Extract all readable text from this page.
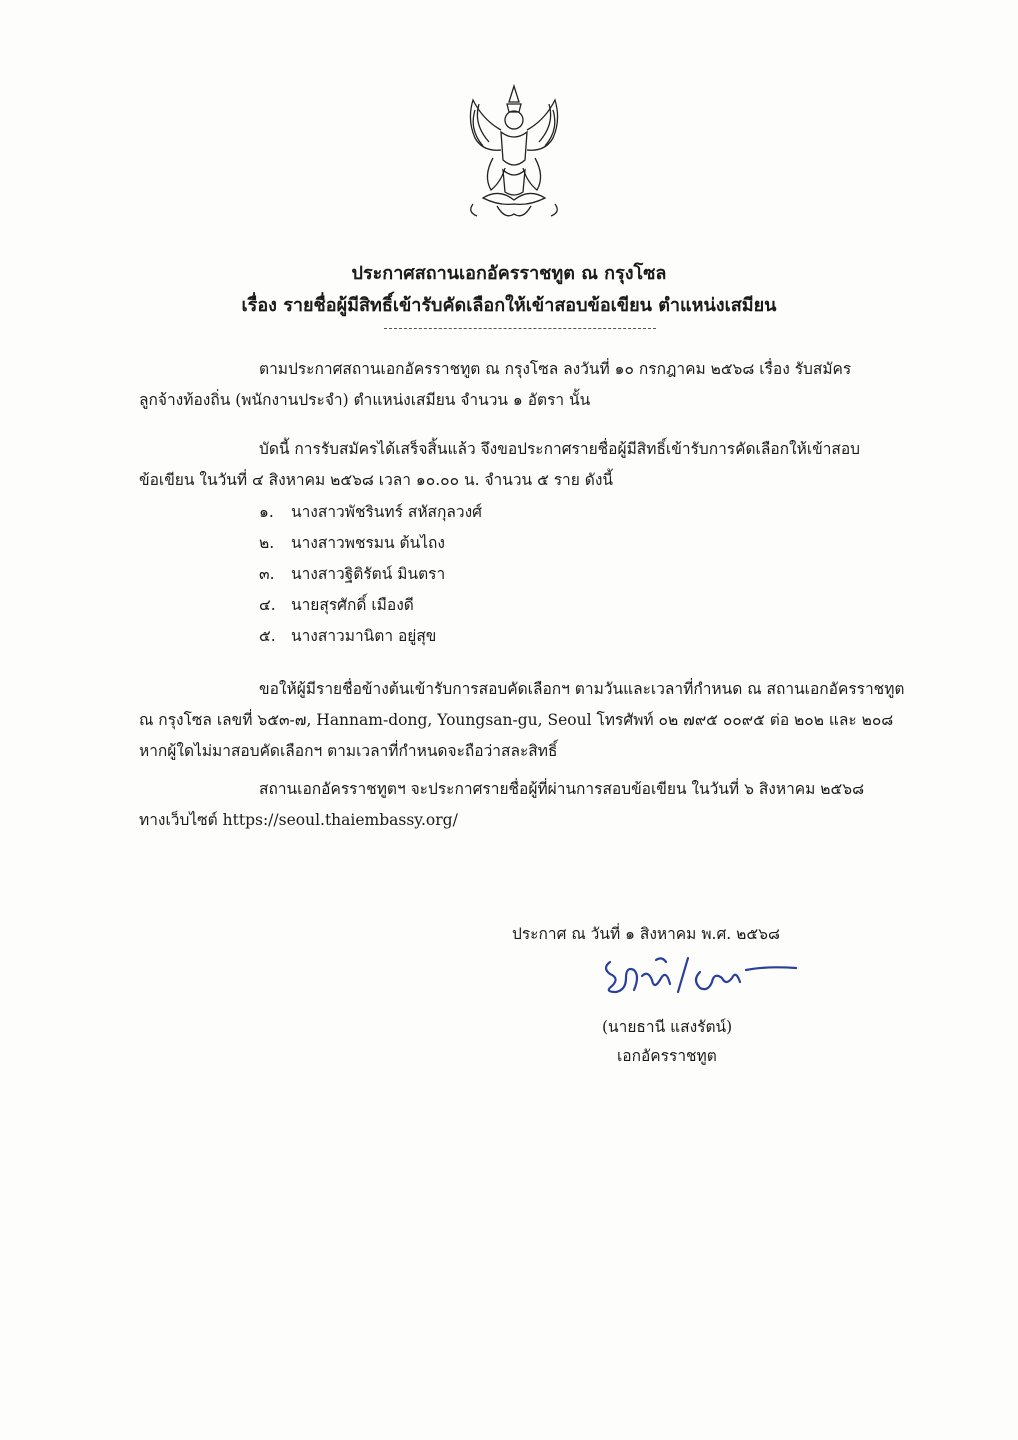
ประกาศสถานเอกอัครราชทูต ณ กรุงโซล
เรื่อง รายชื่อผู้มีสิทธิ์เข้ารับคัดเลือกให้เข้าสอบข้อเขียน ตำแหน่งเสมียน
ตามประกาศสถานเอกอัครราชทูต ณ กรุงโซล ลงวันที่ ๑๐ กรกฎาคม ๒๕๖๘ เรื่อง รับสมัคร
ลูกจ้างท้องถิ่น (พนักงานประจำ) ตำแหน่งเสมียน จำนวน ๑ อัตรา นั้น
บัดนี้ การรับสมัครได้เสร็จสิ้นแล้ว จึงขอประกาศรายชื่อผู้มีสิทธิ์เข้ารับการคัดเลือกให้เข้าสอบ
ข้อเขียน ในวันที่ ๔ สิงหาคม ๒๕๖๘ เวลา ๑๐.๐๐ น. จำนวน ๕ ราย ดังนี้
๑. นางสาวพัชรินทร์ สหัสกุลวงศ์
๒. นางสาวพชรมน ต้นไถง
๓. นางสาวฐิติรัตน์ มินตรา
๔. นายสุรศักดิ์ เมืองดี
๕. นางสาวมานิตา อยู่สุข
ขอให้ผู้มีรายชื่อข้างต้นเข้ารับการสอบคัดเลือกฯ ตามวันและเวลาที่กำหนด ณ สถานเอกอัครราชทูต
ณ กรุงโซล เลขที่ ๖๕๓-๗, Hannam-dong, Youngsan-gu, Seoul โทรศัพท์ ๐๒ ๗๙๕ ๐๐๙๕ ต่อ ๒๐๒ และ ๒๐๘
หากผู้ใดไม่มาสอบคัดเลือกฯ ตามเวลาที่กำหนดจะถือว่าสละสิทธิ์
สถานเอกอัครราชทูตฯ จะประกาศรายชื่อผู้ที่ผ่านการสอบข้อเขียน ในวันที่ ๖ สิงหาคม ๒๕๖๘
ทางเว็บไซต์ https://seoul.thaiembassy.org/
ประกาศ ณ วันที่ ๑ สิงหาคม พ.ศ. ๒๕๖๘
(นายธานี แสงรัตน์)
เอกอัครราชทูต
